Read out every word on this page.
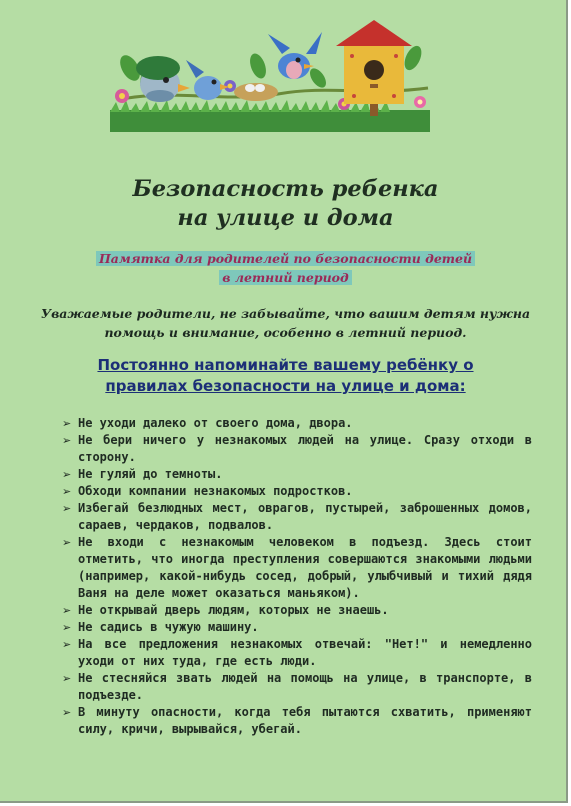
Безопасность ребенка
на улице и дома
Памятка для родителей по безопасности детей
в летний период
Уважаемые родители, не забывайте, что вашим детям нужна
помощь и внимание, особенно в летний период.
Постоянно напоминайте вашему ребёнку о
правилах безопасности на улице и дома:
➢ Не уходи далеко от своего дома, двора.
➢ Не бери ничего у незнакомых людей на улице. Сразу отходи в сторону.
➢ Не гуляй до темноты.
➢ Обходи компании незнакомых подростков.
➢ Избегай безлюдных мест, оврагов, пустырей, заброшенных домов, сараев, чердаков, подвалов.
➢ Не входи с незнакомым человеком в подъезд. Здесь стоит отметить, что иногда преступления совершаются знакомыми людьми (например, какой-нибудь сосед, добрый, улыбчивый и тихий дядя Ваня на деле может оказаться маньяком).
➢ Не открывай дверь людям, которых не знаешь.
➢ Не садись в чужую машину.
➢ На все предложения незнакомых отвечай: "Нет!" и немедленно уходи от них туда, где есть люди.
➢ Не стесняйся звать людей на помощь на улице, в транспорте, в подъезде.
➢ В минуту опасности, когда тебя пытаются схватить, применяют силу, кричи, вырывайся, убегай.
